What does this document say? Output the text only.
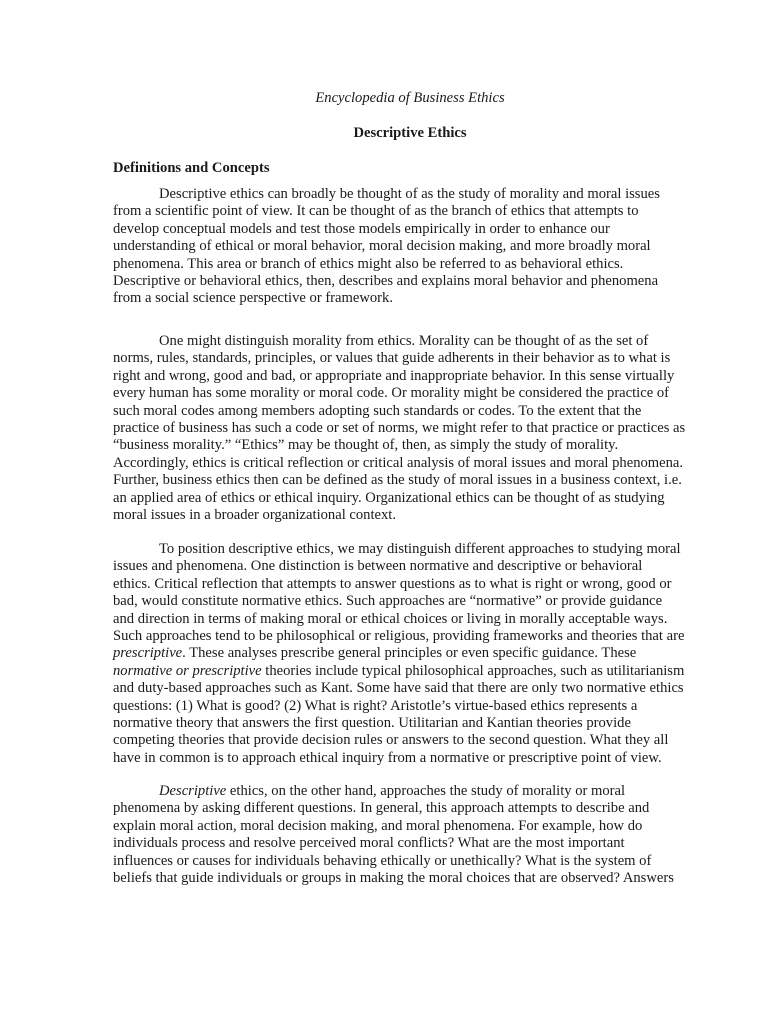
Encyclopedia of Business Ethics
Descriptive Ethics
Definitions and Concepts
Descriptive ethics can broadly be thought of as the study of morality and moral issues
from a scientific point of view. It can be thought of as the branch of ethics that attempts to
develop conceptual models and test those models empirically in order to enhance our
understanding of ethical or moral behavior, moral decision making, and more broadly moral
phenomena. This area or branch of ethics might also be referred to as behavioral ethics.
Descriptive or behavioral ethics, then, describes and explains moral behavior and phenomena
from a social science perspective or framework.
One might distinguish morality from ethics. Morality can be thought of as the set of
norms, rules, standards, principles, or values that guide adherents in their behavior as to what is
right and wrong, good and bad, or appropriate and inappropriate behavior. In this sense virtually
every human has some morality or moral code. Or morality might be considered the practice of
such moral codes among members adopting such standards or codes. To the extent that the
practice of business has such a code or set of norms, we might refer to that practice or practices as
“business morality.” “Ethics” may be thought of, then, as simply the study of morality.
Accordingly, ethics is critical reflection or critical analysis of moral issues and moral phenomena.
Further, business ethics then can be defined as the study of moral issues in a business context, i.e.
an applied area of ethics or ethical inquiry. Organizational ethics can be thought of as studying
moral issues in a broader organizational context.
To position descriptive ethics, we may distinguish different approaches to studying moral
issues and phenomena. One distinction is between normative and descriptive or behavioral
ethics. Critical reflection that attempts to answer questions as to what is right or wrong, good or
bad, would constitute normative ethics. Such approaches are “normative” or provide guidance
and direction in terms of making moral or ethical choices or living in morally acceptable ways.
Such approaches tend to be philosophical or religious, providing frameworks and theories that are
prescriptive. These analyses prescribe general principles or even specific guidance. These
normative or prescriptive theories include typical philosophical approaches, such as utilitarianism
and duty-based approaches such as Kant. Some have said that there are only two normative ethics
questions: (1) What is good? (2) What is right? Aristotle’s virtue-based ethics represents a
normative theory that answers the first question. Utilitarian and Kantian theories provide
competing theories that provide decision rules or answers to the second question. What they all
have in common is to approach ethical inquiry from a normative or prescriptive point of view.
Descriptive ethics, on the other hand, approaches the study of morality or moral
phenomena by asking different questions. In general, this approach attempts to describe and
explain moral action, moral decision making, and moral phenomena. For example, how do
individuals process and resolve perceived moral conflicts? What are the most important
influences or causes for individuals behaving ethically or unethically? What is the system of
beliefs that guide individuals or groups in making the moral choices that are observed? Answers
